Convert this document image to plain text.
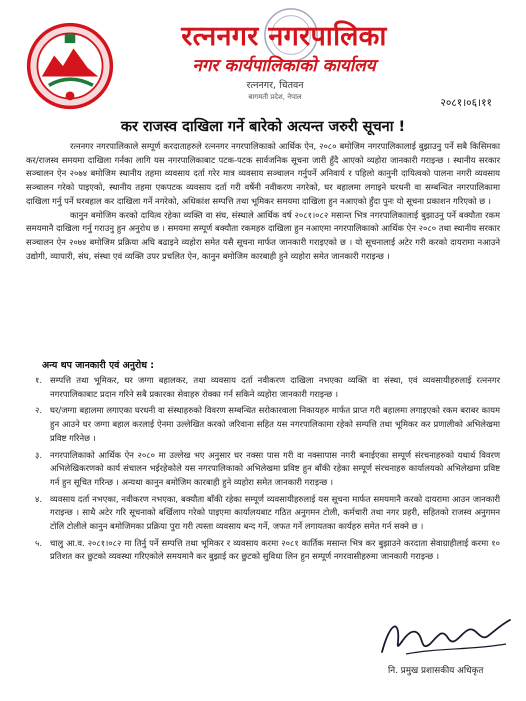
रत्ननगर नगरपालिका
नगर कार्यपालिकाको कार्यालय
रत्ननगर, चितवन
बागमती प्रदेश, नेपाल	२०८१।०६।११
कर राजस्व दाखिला गर्ने बारेको अत्यन्त जरुरी सूचना !

रत्ननगर नगरपालिकाले सम्पूर्ण करदाताहरुले रत्ननगर नगरपालिकाको आर्थिक ऐन, २०८० बमोजिम नगरपालिकालाई बुझाउनु पर्ने सबै किसिमका कर/राजस्व समयमा दाखिला गर्नका लागि यस नगरपालिकाबाट पटक-पटक सार्वजनिक सूचना जारी हुँदै आएको व्यहोरा जानकारी गराइन्छ । स्थानीय सरकार सञ्चालन ऐन २०७४ बमोजिम स्थानीय तहमा व्यवसाय दर्ता गरेर मात्र व्यवसाय सञ्चालन गर्नुपर्ने अनिवार्य र पहिलो कानुनी दायित्वको पालना नगरी व्यवसाय सञ्चालन गरेको पाइएको, स्थानीय तहमा एकपटक व्यवसाय दर्ता गरी वर्षेनी नवीकरण नगरेको, घर बहालमा लगाइने घरधनी वा सम्बन्धित नगरपालिकामा दाखिला गर्नु पर्ने घरबहाल कर दाखिला गर्ने नगरेको, अधिकांश सम्पत्ति तथा भूमिकर समयमा दाखिला हुन नआएको हुँदा पुनः यो सूचना प्रकाशन गरिएको छ ।

कानुन बमोजिम करको दायित्व रहेका व्यक्ति वा संघ, संस्थाले आर्थिक वर्ष २०८१।०८२ मसान्त भित्र नगरपालिकालाई बुझाउनु पर्ने बक्यौता रकम समयमानै दाखिला गर्नु गराउनु हुन अनुरोध छ । समयमा सम्पूर्ण बक्यौता रकमहरु दाखिला हुन नआएमा नगरपालिकाको आर्थिक ऐन २०८० तथा स्थानीय सरकार सञ्चालन ऐन २०७४ बमोजिम प्रक्रिया अघि बढाइने व्यहोरा समेत यसै सूचना मार्फत जानकारी गराइएको छ । यो सूचनालाई अटेर गरी करको दायरामा नआउने उद्योगी, व्यापारी, संघ, संस्था एवं व्यक्ति उपर प्रचलित ऐन, कानुन बमोजिम कारबाही हुने व्यहोरा समेत जानकारी गराइन्छ ।

अन्य थप जानकारी एवं अनुरोध :
१. सम्पत्ति तथा भूमिकर, घर जग्गा बहालकर, तथा व्यवसाय दर्ता नवीकरण दाखिला नभएका व्यक्ति वा संस्था, एवं व्यवसायीहरुलाई रत्ननगर नगरपालिकाबाट प्रदान गरिने सबै प्रकारका सेवाहरु रोक्का गर्न सकिने व्यहोरा जानकारी गराइन्छ ।
२. घर/जग्गा बहालमा लगाएका घरधनी वा संस्थाहरुको विवरण सम्बन्धित सरोकारवाला निकायहरु मार्फत प्राप्त गरी बहालमा लगाइएको रकम बराबर कायम हुन आउने घर जग्गा बहाल करलाई ऐनमा उल्लेखित करको जरिवाना सहित यस नगरपालिकामा रहेको सम्पत्ति तथा भूमिकर कर प्रणालीको अभिलेखमा प्रविष्ट गरिनेछ ।
३. नगरपालिकाको आर्थिक ऐन २०८० मा उल्लेख भए अनुसार घर नक्सा पास गरी वा नक्सापास नगरी बनाईएका सम्पूर्ण संरचनाहरुको यथार्थ विवरण अभिलेखिकरणको कार्य संचालन भईरहेकोले यस नगरपालिकाको अभिलेखमा प्रविष्ट हुन बाँकी रहेका सम्पूर्ण संरचनाहरु कार्यालयको अभिलेखमा प्रविष्ट गर्न हुन सूचित गरिन्छ । अन्यथा कानुन बमोजिम कारबाही हुने व्यहोरा समेत जानकारी गराइन्छ ।
४. व्यवसाय दर्ता नभएका, नवीकरण नभएका, बक्यौता बाँकी रहेका सम्पूर्ण व्यवसायीहरुलाई यस सूचना मार्फत समयमानै करको दायरामा आउन जानकारी गराइन्छ । साथै अटेर गरि सूचनाको बर्खिलाप गरेको पाइएमा कार्यालयबाट गठित अनुगमन टोली, कर्मचारी तथा नगर प्रहरी, सहितको राजस्व अनुगमन टोलि टोलीले कानुन बमोजिमका प्रक्रिया पुरा गरी त्यस्ता व्यवसाय बन्द गर्ने, जफत गर्ने लगायतका कार्यहरु समेत गर्न सक्ने छ ।
५. चालु आ.व. २०८१।०८२ मा तिर्नु पर्ने सम्पत्ति तथा भूमिकर र व्यवसाय करमा २०८१ कार्तिक मसान्त भित्र कर बुझाउने करदाता सेवाग्राहीलाई करमा १० प्रतिशत कर छुटको व्यवस्था गरिएकोले समयमानै कर बुझाई कर छुटको सुविधा लिन हुन सम्पूर्ण नगरवासीहरुमा जानकारी गराइन्छ ।
नि. प्रमुख प्रशासकीय अधिकृत
